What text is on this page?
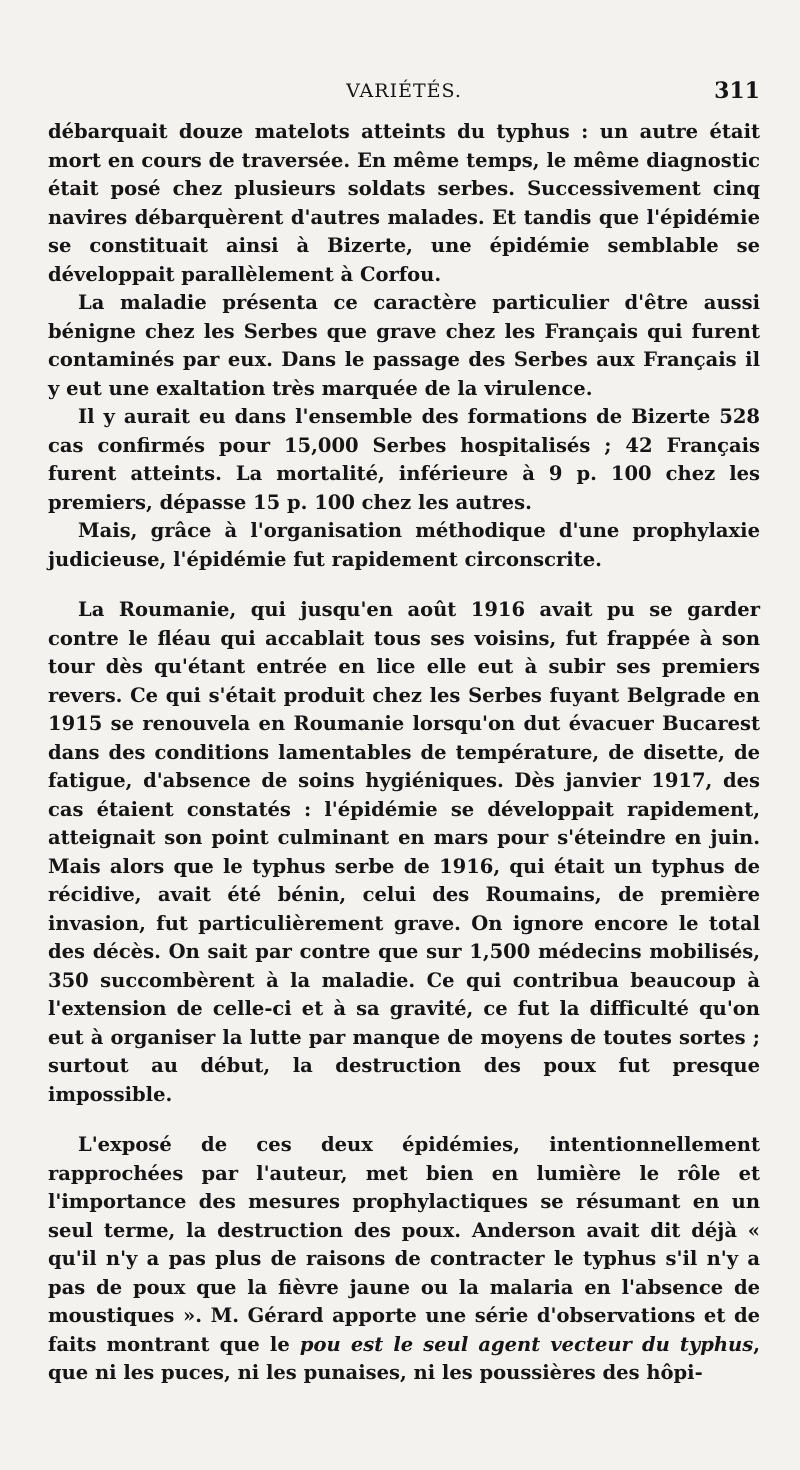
VARIÉTÉS.	311

débarquait douze matelots atteints du typhus : un autre était mort en cours de traversée. En même temps, le même diagnostic était posé chez plusieurs soldats serbes. Successivement cinq navires débarquèrent d'autres malades. Et tandis que l'épidémie se constituait ainsi à Bizerte, une épidémie semblable se développait parallèlement à Corfou.

La maladie présenta ce caractère particulier d'être aussi bénigne chez les Serbes que grave chez les Français qui furent contaminés par eux. Dans le passage des Serbes aux Français il y eut une exaltation très marquée de la virulence.

Il y aurait eu dans l'ensemble des formations de Bizerte 528 cas confirmés pour 15,000 Serbes hospitalisés ; 42 Français furent atteints. La mortalité, inférieure à 9 p. 100 chez les premiers, dépasse 15 p. 100 chez les autres.

Mais, grâce à l'organisation méthodique d'une prophylaxie judicieuse, l'épidémie fut rapidement circonscrite.

La Roumanie, qui jusqu'en août 1916 avait pu se garder contre le fléau qui accablait tous ses voisins, fut frappée à son tour dès qu'étant entrée en lice elle eut à subir ses premiers revers. Ce qui s'était produit chez les Serbes fuyant Belgrade en 1915 se renouvela en Roumanie lorsqu'on dut évacuer Bucarest dans des conditions lamentables de température, de disette, de fatigue, d'absence de soins hygiéniques. Dès janvier 1917, des cas étaient constatés : l'épidémie se développait rapidement, atteignait son point culminant en mars pour s'éteindre en juin. Mais alors que le typhus serbe de 1916, qui était un typhus de récidive, avait été bénin, celui des Roumains, de première invasion, fut particulièrement grave. On ignore encore le total des décès. On sait par contre que sur 1,500 médecins mobilisés, 350 succombèrent à la maladie. Ce qui contribua beaucoup à l'extension de celle-ci et à sa gravité, ce fut la difficulté qu'on eut à organiser la lutte par manque de moyens de toutes sortes ; surtout au début, la destruction des poux fut presque impossible.

L'exposé de ces deux épidémies, intentionnellement rapprochées par l'auteur, met bien en lumière le rôle et l'importance des mesures prophylactiques se résumant en un seul terme, la destruction des poux. Anderson avait dit déjà « qu'il n'y a pas plus de raisons de contracter le typhus s'il n'y a pas de poux que la fièvre jaune ou la malaria en l'absence de moustiques ». M. Gérard apporte une série d'observations et de faits montrant que le pou est le seul agent vecteur du typhus, que ni les puces, ni les punaises, ni les poussières des hôpi-
